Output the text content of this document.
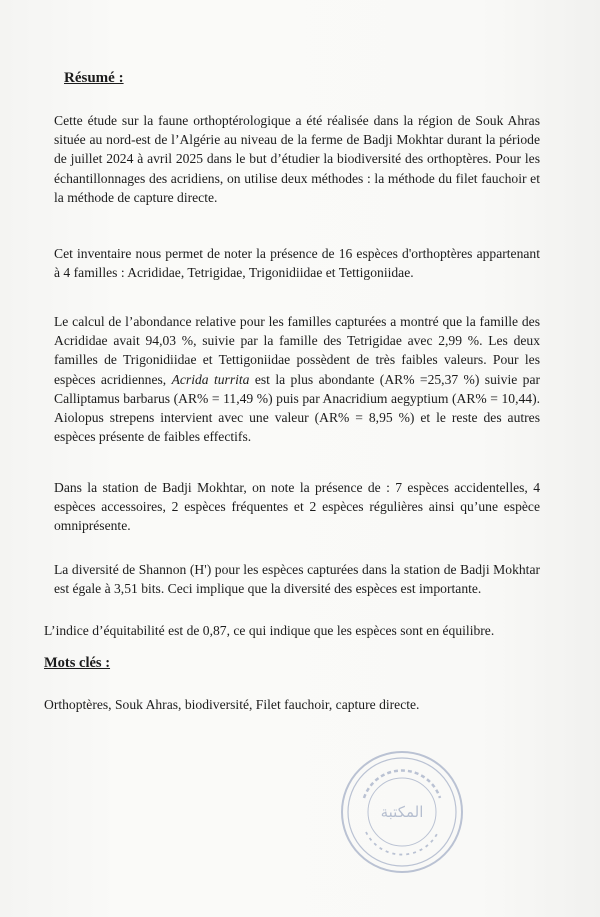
Résumé :

Cette étude sur la faune orthoptérologique a été réalisée dans la région de Souk Ahras située au nord-est de l’Algérie au niveau de la ferme de Badji Mokhtar durant la période de juillet 2024 à avril 2025 dans le but d’étudier la biodiversité des orthoptères. Pour les échantillonnages des acridiens, on utilise deux méthodes : la méthode du filet fauchoir et la méthode de capture directe.

Cet inventaire nous permet de noter la présence de 16 espèces d'orthoptères appartenant à 4 familles : Acrididae, Tetrigidae, Trigonidiidae et Tettigoniidae.

Le calcul de l’abondance relative pour les familles capturées a montré que la famille des Acrididae avait 94,03 %, suivie par la famille des Tetrigidae avec 2,99 %. Les deux familles de Trigonidiidae et Tettigoniidae possèdent de très faibles valeurs. Pour les espèces acridiennes, Acrida turrita est la plus abondante (AR% =25,37 %) suivie par Calliptamus barbarus (AR% = 11,49 %) puis par Anacridium aegyptium (AR% = 10,44). Aiolopus strepens intervient avec une valeur (AR% = 8,95 %) et le reste des autres espèces présente de faibles effectifs.

Dans la station de Badji Mokhtar, on note la présence de : 7 espèces accidentelles, 4 espèces accessoires, 2 espèces fréquentes et 2 espèces régulières ainsi qu’une espèce omniprésente.

La diversité de Shannon (H') pour les espèces capturées dans la station de Badji Mokhtar est égale à 3,51 bits. Ceci implique que la diversité des espèces est importante.

L’indice d’équitabilité est de 0,87, ce qui indique que les espèces sont en équilibre.

Mots clés :

Orthoptères, Souk Ahras, biodiversité, Filet fauchoir, capture directe.

المكتبة
